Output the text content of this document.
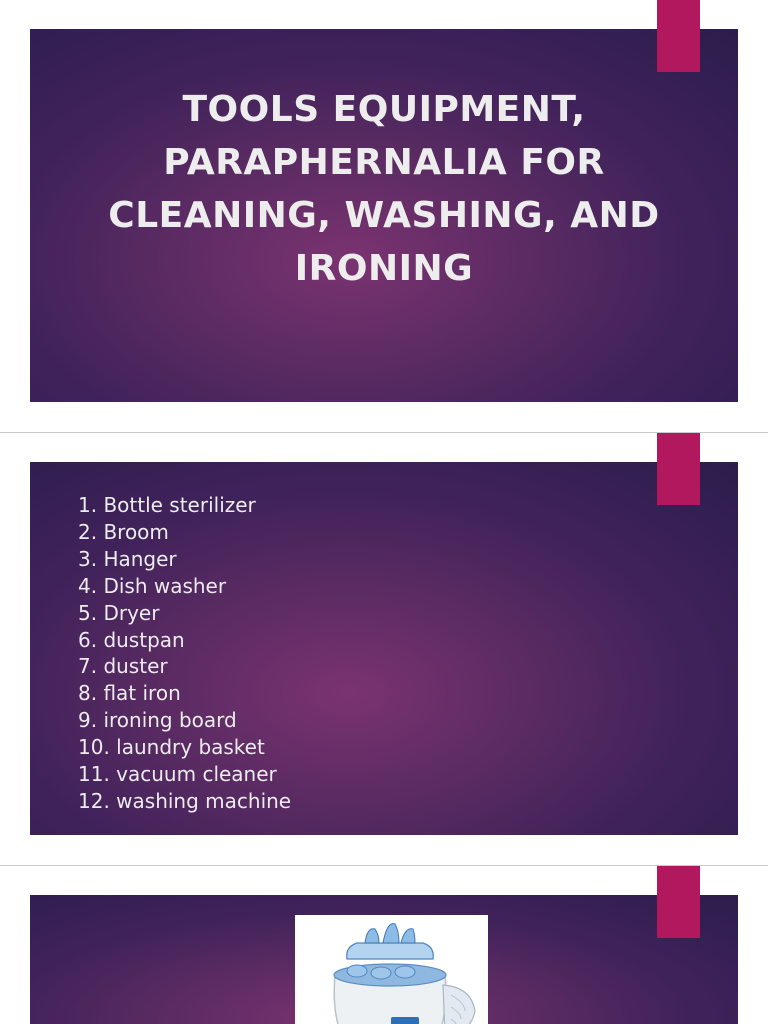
TOOLS EQUIPMENT, PARAPHERNALIA FOR CLEANING, WASHING, AND IRONING
1. Bottle sterilizer
2. Broom
3. Hanger
4. Dish washer
5. Dryer
6. dustpan
7. duster
8. flat iron
9. ironing board
10. laundry basket
11. vacuum cleaner
12. washing machine
